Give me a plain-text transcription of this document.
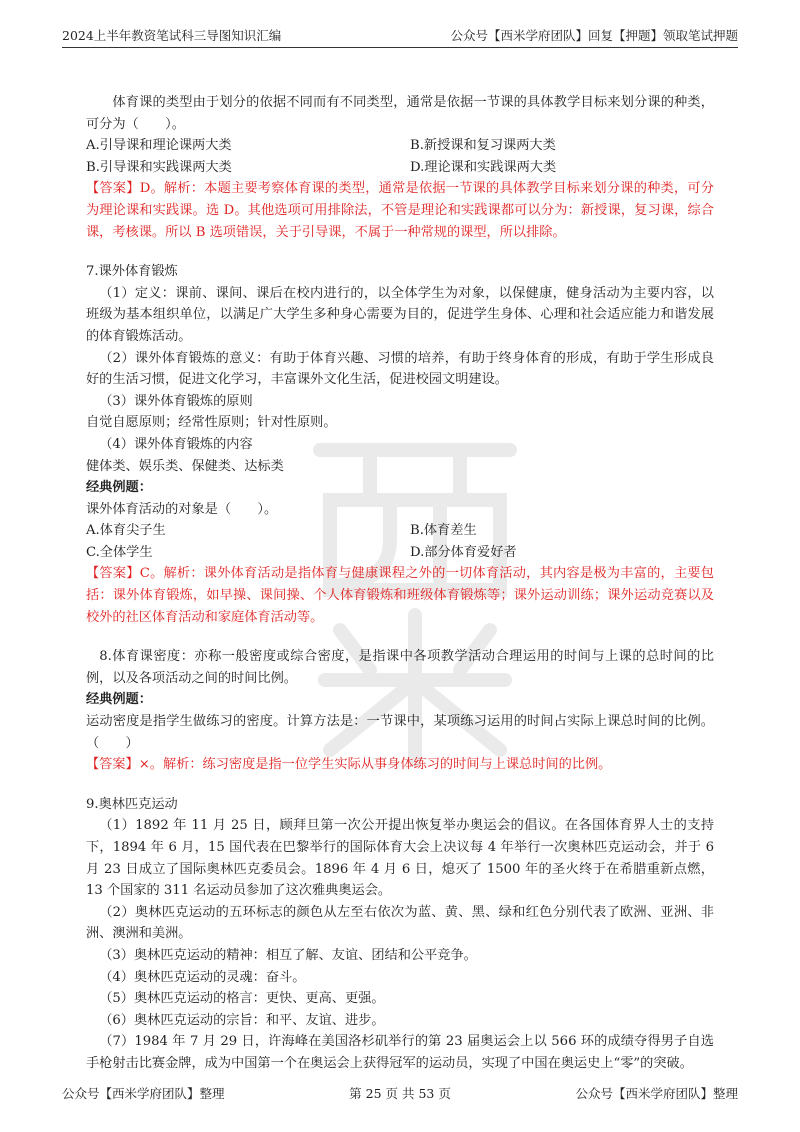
2024上半年教资笔试科三导图知识汇编	公众号【西米学府团队】回复【押题】领取笔试押题

体育课的类型由于划分的依据不同而有不同类型，通常是依据一节课的具体教学目标来划分课的种类，可分为（　　）。

A.引导课和理论课两大类	B.新授课和复习课两大类
B.引导课和实践课两大类	D.理论课和实践课两大类

【答案】D。解析：本题主要考察体育课的类型，通常是依据一节课的具体教学目标来划分课的种类，可分为理论课和实践课。选 D。其他选项可用排除法，不管是理论和实践课都可以分为：新授课，复习课，综合课，考核课。所以 B 选项错误，关于引导课，不属于一种常规的课型，所以排除。

7.课外体育锻炼

（1）定义：课前、课间、课后在校内进行的，以全体学生为对象，以保健康，健身活动为主要内容，以班级为基本组织单位，以满足广大学生多种身心需要为目的，促进学生身体、心理和社会适应能力和谐发展的体育锻炼活动。

（2）课外体育锻炼的意义：有助于体育兴趣、习惯的培养，有助于终身体育的形成，有助于学生形成良好的生活习惯，促进文化学习，丰富课外文化生活，促进校园文明建设。

（3）课外体育锻炼的原则

自觉自愿原则；经常性原则；针对性原则。

（4）课外体育锻炼的内容

健体类、娱乐类、保健类、达标类

经典例题：

课外体育活动的对象是（　　）。

A.体育尖子生	B.体育差生
C.全体学生	D.部分体育爱好者

【答案】C。解析：课外体育活动是指体育与健康课程之外的一切体育活动，其内容是极为丰富的，主要包括：课外体育锻炼，如早操、课间操、个人体育锻炼和班级体育锻炼等；课外运动训练；课外运动竞赛以及校外的社区体育活动和家庭体育活动等。

8.体育课密度：亦称一般密度或综合密度，是指课中各项教学活动合理运用的时间与上课的总时间的比例，以及各项活动之间的时间比例。

经典例题：

运动密度是指学生做练习的密度。计算方法是：一节课中，某项练习运用的时间占实际上课总时间的比例。（　　）

【答案】×。解析：练习密度是指一位学生实际从事身体练习的时间与上课总时间的比例。

9.奥林匹克运动

（1）1892 年 11 月 25 日，顾拜旦第一次公开提出恢复举办奥运会的倡议。在各国体育界人士的支持下，1894 年 6 月，15 国代表在巴黎举行的国际体育大会上决议每 4 年举行一次奥林匹克运动会，并于 6 月 23 日成立了国际奥林匹克委员会。1896 年 4 月 6 日，熄灭了 1500 年的圣火终于在希腊重新点燃，13 个国家的 311 名运动员参加了这次雅典奥运会。

（2）奥林匹克运动的五环标志的颜色从左至右依次为蓝、黄、黑、绿和红色分别代表了欧洲、亚洲、非洲、澳洲和美洲。

（3）奥林匹克运动的精神：相互了解、友谊、团结和公平竞争。

（4）奥林匹克运动的灵魂：奋斗。

（5）奥林匹克运动的格言：更快、更高、更强。

（6）奥林匹克运动的宗旨：和平、友谊、进步。

（7）1984 年 7 月 29 日，许海峰在美国洛杉矶举行的第 23 届奥运会上以 566 环的成绩夺得男子自选手枪射击比赛金牌，成为中国第一个在奥运会上获得冠军的运动员，实现了中国在奥运史上“零”的突破。

公众号【西米学府团队】整理	第 25 页 共 53 页	公众号【西米学府团队】整理
